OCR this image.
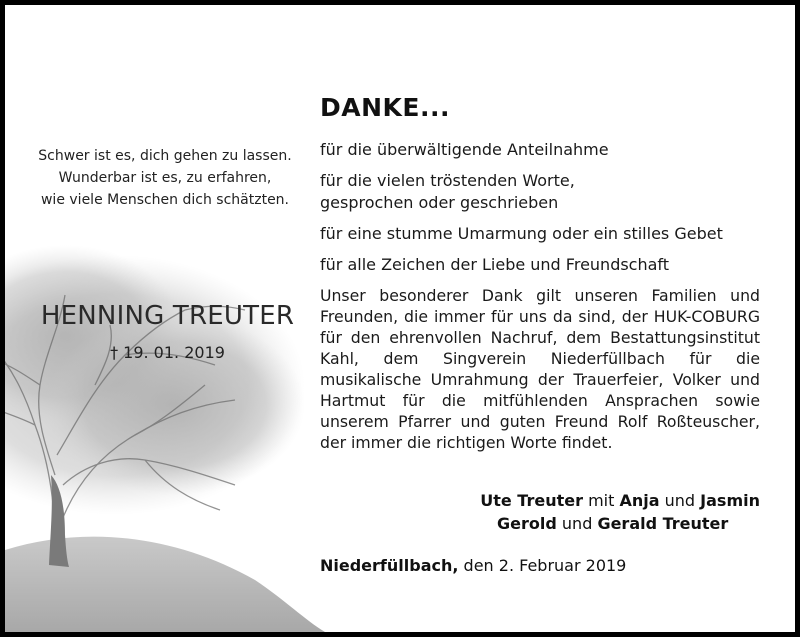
Schwer ist es, dich gehen zu lassen.
Wunderbar ist es, zu erfahren,
wie viele Menschen dich schätzten.
HENNING TREUTER
† 19. 01. 2019
DANKE...
für die überwältigende Anteilnahme
für die vielen tröstenden Worte,
gesprochen oder geschrieben
für eine stumme Umarmung oder ein stilles Gebet
für alle Zeichen der Liebe und Freundschaft
Unser besonderer Dank gilt unseren Familien und Freunden, die immer für uns da sind, der HUK-COBURG für den ehrenvollen Nachruf, dem Bestattungsinstitut Kahl, dem Singverein Niederfüllbach für die musikalische Umrahmung der Trauerfeier, Volker und Hartmut für die mitfühlenden Ansprachen sowie unserem Pfarrer und guten Freund Rolf Roßteuscher, der immer die richtigen Worte findet.
Ute Treuter mit Anja und Jasmin
Gerold und Gerald Treuter
Niederfüllbach, den 2. Februar 2019
